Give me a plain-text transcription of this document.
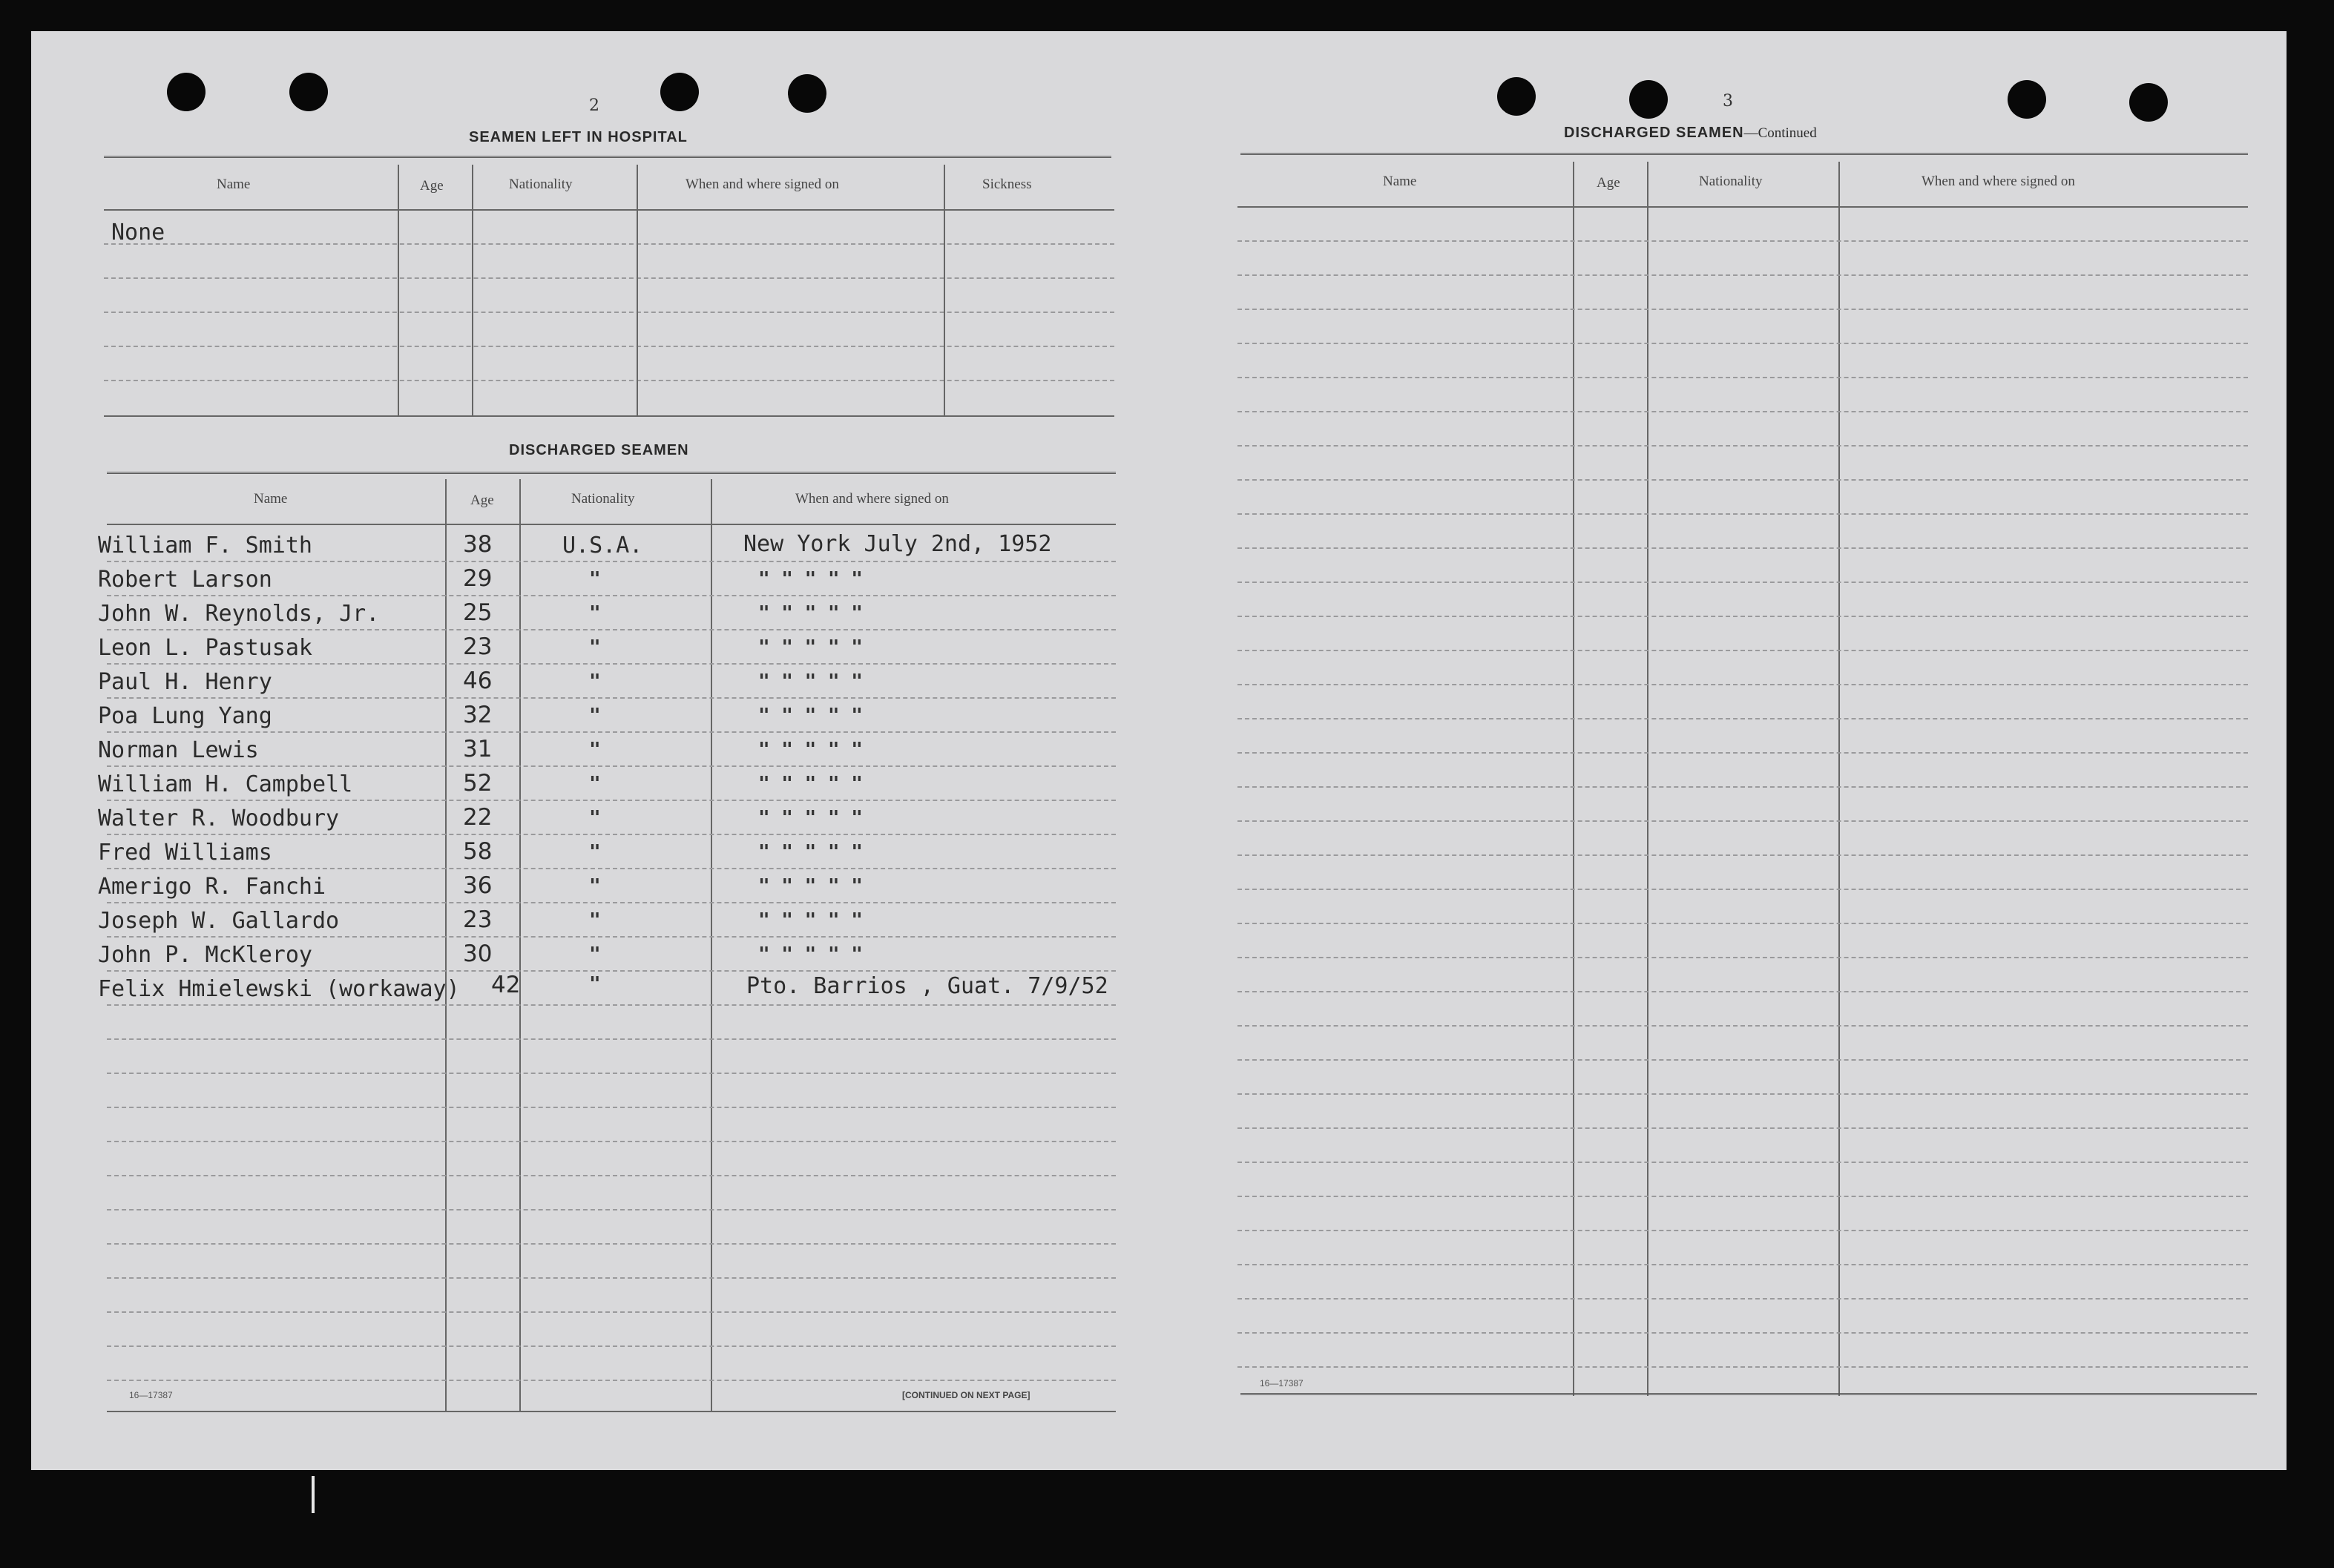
2
SEAMEN LEFT IN HOSPITAL
Name	Age	Nationality	When and where signed on	Sickness
None
DISCHARGED SEAMEN
Name	Age	Nationality	When and where signed on
William F. Smith	38	U.S.A.	New York July 2nd, 1952
Robert Larson	29	"	" " " " "
John W. Reynolds, Jr.	25	"	" " " " "
Leon L. Pastusak	23	"	" " " " "
Paul H. Henry	46	"	" " " " "
Poa Lung Yang	32	"	" " " " "
Norman Lewis	31	"	" " " " "
William H. Campbell	52	"	" " " " "
Walter R. Woodbury	22	"	" " " " "
Fred Williams	58	"	" " " " "
Amerigo R. Fanchi	36	"	" " " " "
Joseph W. Gallardo	23	"	" " " " "
John P. McKleroy	30	"	" " " " "
Felix Hmielewski (workaway) 42	"	Pto. Barrios , Guat. 7/9/52
16—17387	[CONTINUED ON NEXT PAGE]
3
DISCHARGED SEAMEN—Continued
Name	Age	Nationality	When and where signed on
16—17387
